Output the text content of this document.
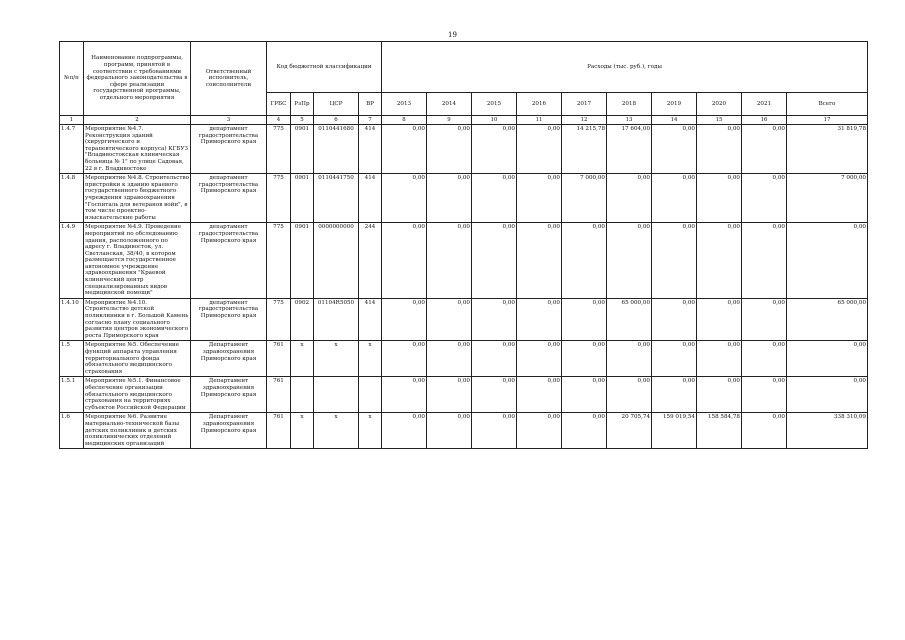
19
№п/п	Наименование подпрограммы, программ, принятой в соответствии с требованиями федерального законодательства в сфере реализации государственной программы, отдельного мероприятия	Ответственный исполнитель, соисполнители	Код бюджетной классификации				Расходы (тыс. руб.), годы									
			ГРБС	РзПр	ЦСР	ВР	2013	2014	2015	2016	2017	2018	2019	2020	2021	Всего
1	2	3	4	5	6	7	8	9	10	11	12	13	14	15	16	17
1.4.7	Мероприятие №4.7. Реконструкция зданий (хирургического и терапевтического корпуса) КГБУЗ "Владивостокская клиническая больница № 1" по улице Садовая, 22 в г. Владивостоке	департамент градостроительства Приморского края	775	0901	0110441680	414	0,00	0,00	0,00	0,00	14 215,78	17 604,00	0,00	0,00	0,00	31 819,78
1.4.8	Мероприятие №4.8. Строительство пристройки к зданию краевого государственного бюджетного учреждения здравоохранения "Госпиталь для ветеранов войн", в том числе проектно-изыскательские работы	департамент градостроительства Приморского края	775	0901	0110441750	414	0,00	0,00	0,00	0,00	7 000,00	0,00	0,00	0,00	0,00	7 000,00
1.4.9	Мероприятие №4.9. Проведение мероприятий по обследованию здания, расположенного по адресу г. Владивосток, ул. Светланская, 38/40, в котором размещается государственное автономное учреждение здравоохранения "Краевой клинический центр специализированных видов медицинской помощи"	департамент градостроительства Приморского края	775	0901	0000000000	244	0,00	0,00	0,00	0,00	0,00	0,00	0,00	0,00	0,00	0,00
1.4.10	Мероприятие №4.10. Строительство детской поликлиники в г. Большой Камень согласно плану социального развития центров экономического роста Приморского края	департамент градостроительства Приморского края	775	0902	01104R5050	414	0,00	0,00	0,00	0,00	0,00	65 000,00	0,00	0,00	0,00	65 000,00
1.5	Мероприятие №5. Обеспечение функций аппарата управления территориального фонда обязательного медицинского страхования	Департамент здравоохранения Приморского края	761	х	х	х	0,00	0,00	0,00	0,00	0,00	0,00	0,00	0,00	0,00	0,00
1.5.1	Мероприятие №5.1. Финансовое обеспечение организации обязательного медицинского страхования на территориях субъектов Российской Федерации	Департамент здравоохранения Приморского края	761				0,00	0,00	0,00	0,00	0,00	0,00	0,00	0,00	0,00	0,00
1.6	Мероприятие №6. Развитие материально-технической базы детских поликлиник и детских поликлинических отделений медицинских организаций	Департамент здравоохранения Приморского края	761	х	х	х	0,00	0,00	0,00	0,00	0,00	20 705,74	159 019,54	158 584,78	0,00	338 310,09
